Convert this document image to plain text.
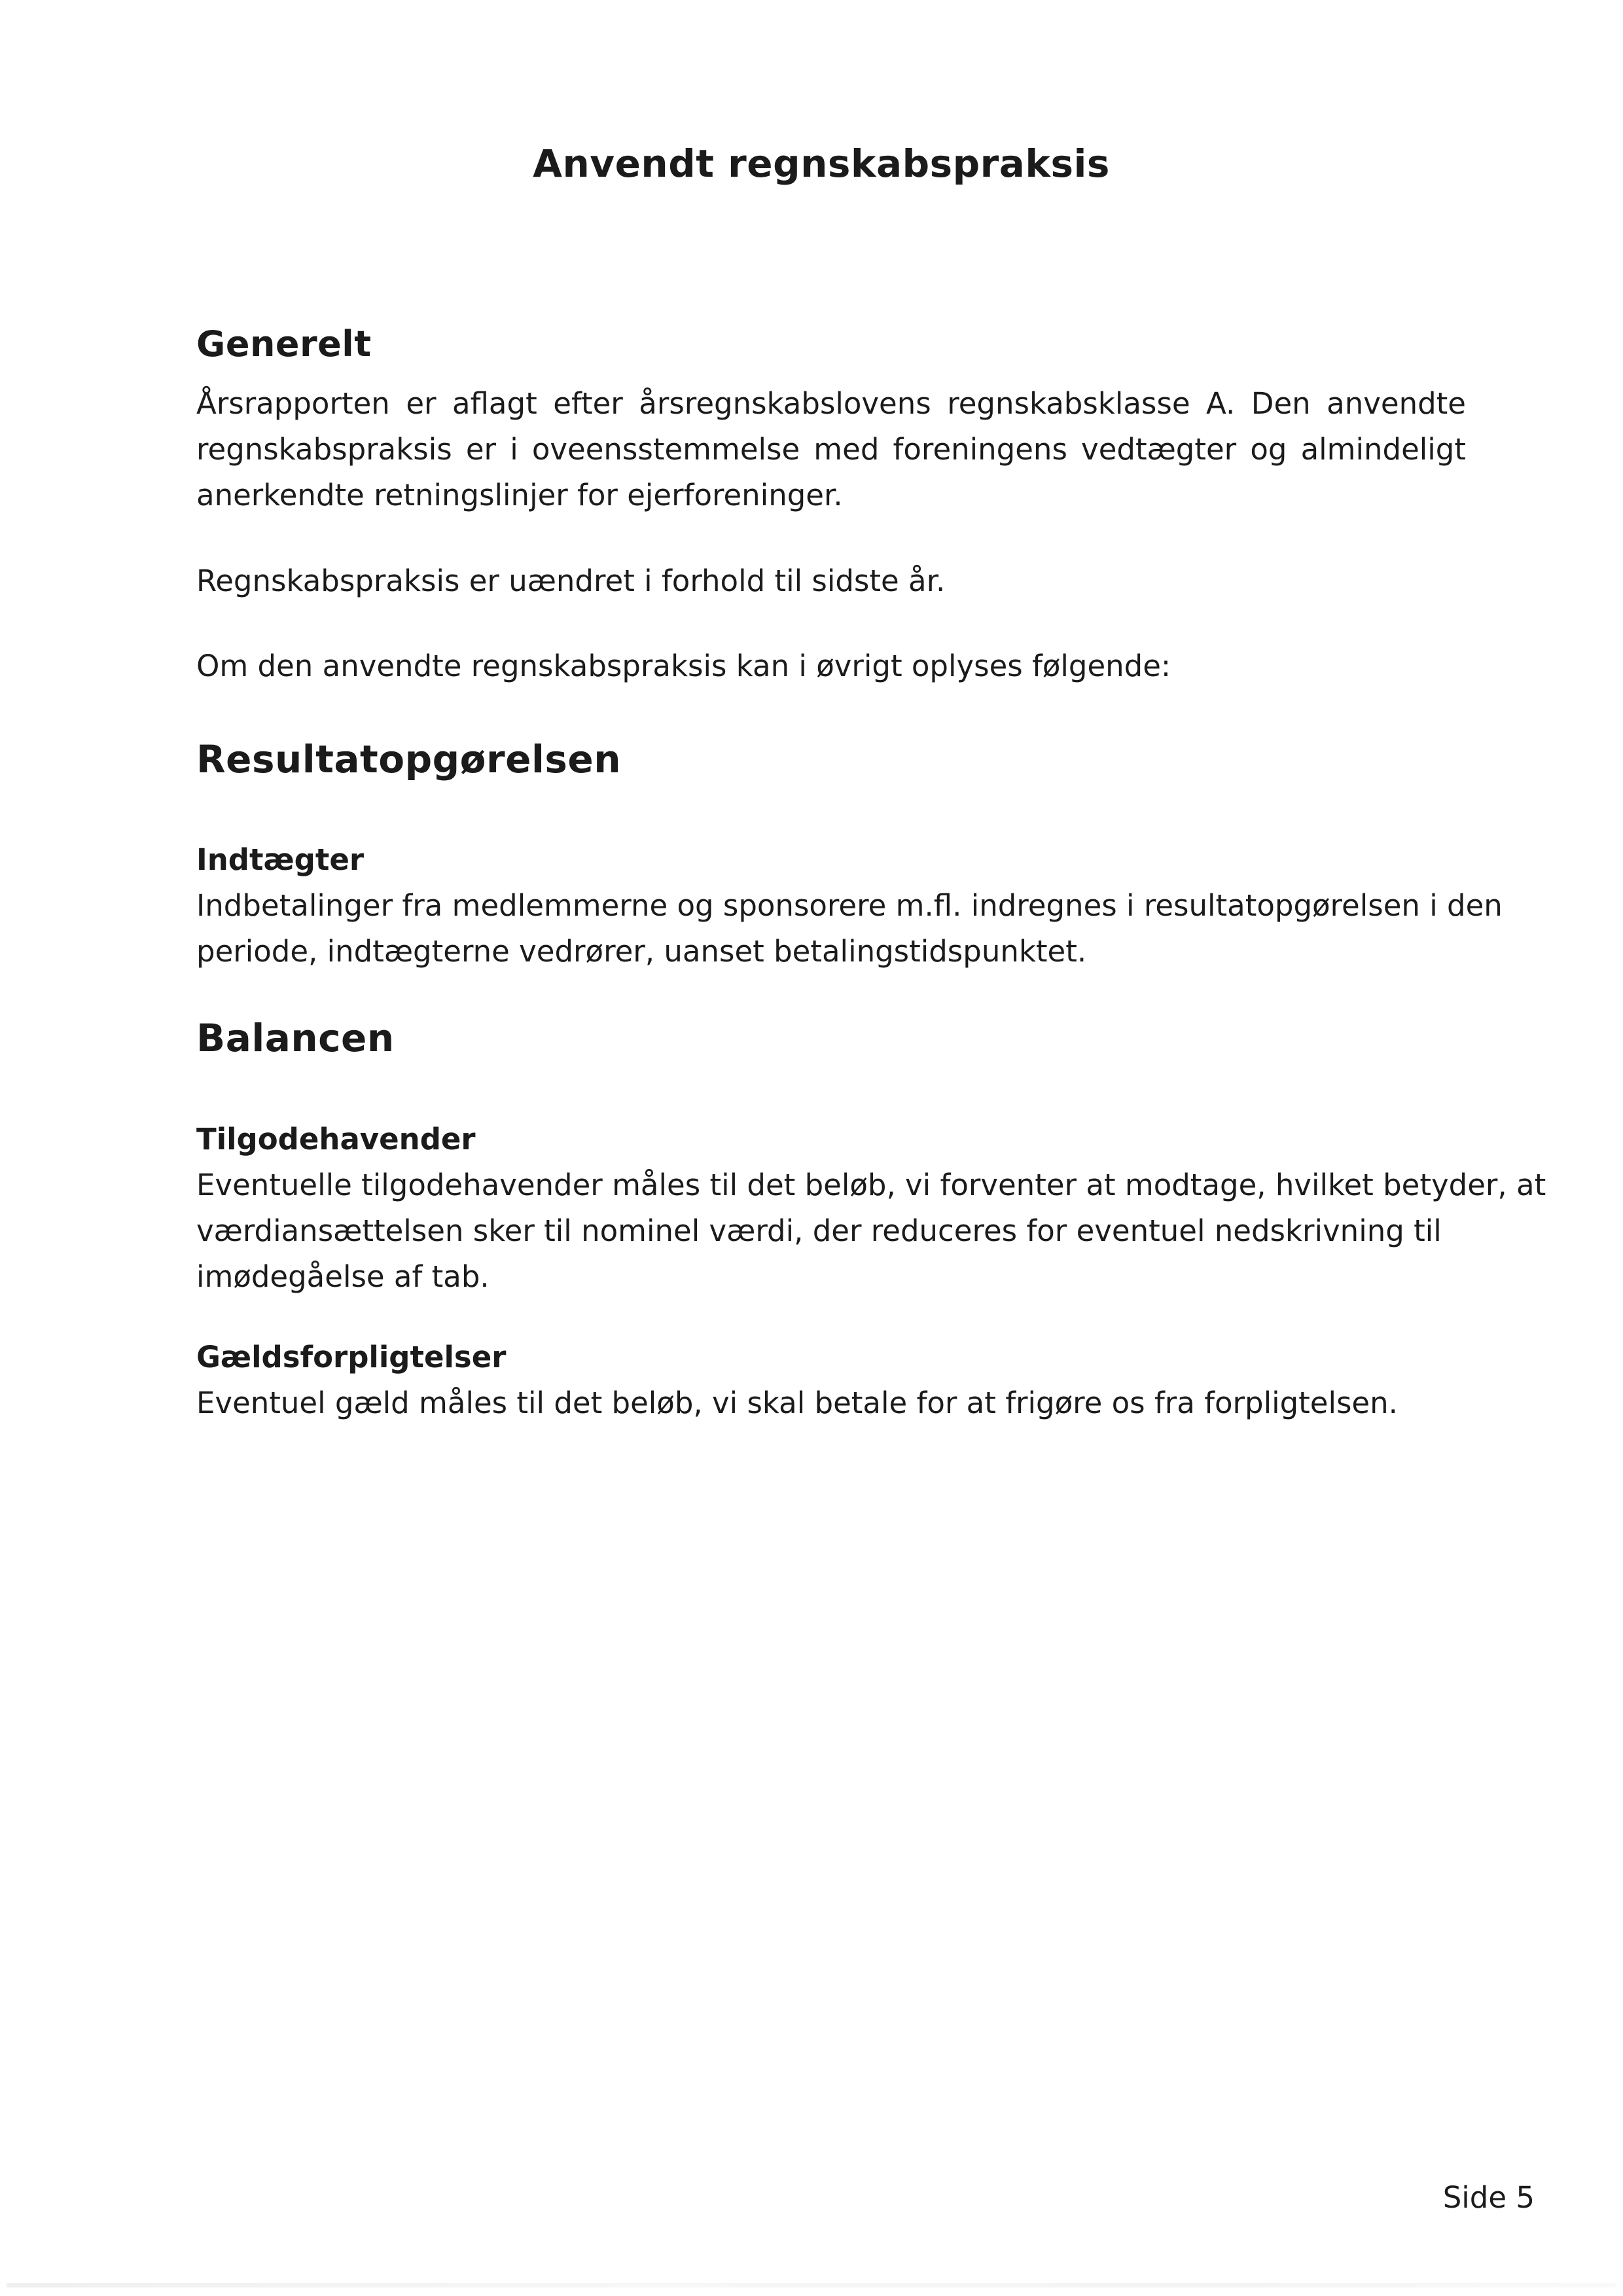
Anvendt regnskabspraksis
Generelt
Årsrapporten er aflagt efter årsregnskabslovens regnskabsklasse A. Den anvendte
regnskabspraksis er i oveensstemmelse med foreningens vedtægter og almindeligt
anerkendte retningslinjer for ejerforeninger.
Regnskabspraksis er uændret i forhold til sidste år.
Om den anvendte regnskabspraksis kan i øvrigt oplyses følgende:
Resultatopgørelsen
Indtægter
Indbetalinger fra medlemmerne og sponsorere m.fl. indregnes i resultatopgørelsen i den
periode, indtægterne vedrører, uanset betalingstidspunktet.
Balancen
Tilgodehavender
Eventuelle tilgodehavender måles til det beløb, vi forventer at modtage, hvilket betyder, at
værdiansættelsen sker til nominel værdi, der reduceres for eventuel nedskrivning til
imødegåelse af tab.
Gældsforpligtelser
Eventuel gæld måles til det beløb, vi skal betale for at frigøre os fra forpligtelsen.
Side 5
